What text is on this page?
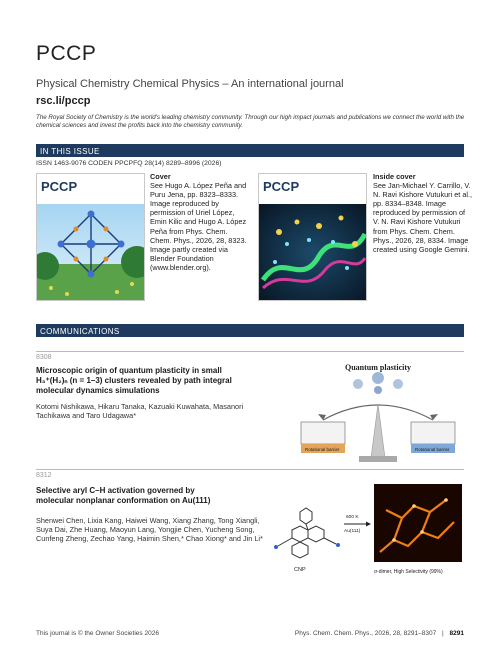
PCCP
Physical Chemistry Chemical Physics – An international journal
rsc.li/pccp
The Royal Society of Chemistry is the world's leading chemistry community. Through our high impact journals and publications we connect the world with the chemical sciences and invest the profits back into the chemistry community.
IN THIS ISSUE
ISSN 1463-9076 CODEN PPCPFQ 28(14) 8289–8996 (2026)
PCCP
Cover
See Hugo A. López Peña and Puru Jena, pp. 8323–8333. Image reproduced by permission of Uriel López, Emin Kilic and Hugo A. López Peña from Phys. Chem. Chem. Phys., 2026, 28, 8323. Image partly created via Blender Foundation (www.blender.org).
PCCP
Inside cover
See Jan-Michael Y. Carrillo, V. N. Ravi Kishore Vutukuri et al., pp. 8334–8348. Image reproduced by permission of V. N. Ravi Kishore Vutukuri from Phys. Chem. Chem. Phys., 2026, 28, 8334. Image created using Google Gemini.
COMMUNICATIONS
8308
Microscopic origin of quantum plasticity in small
H₃⁺(H₂)ₙ (n = 1–3) clusters revealed by path integral
molecular dynamics simulations
Kotomi Nishikawa, Hikaru Tanaka, Kazuaki Kuwahata, Masanori Tachikawa and Taro Udagawa*
Quantum plasticity
Rotational barrier	Rotational barrier
8312
Selective aryl C–H activation governed by
molecular nonplanar conformation on Au(111)
Shenwei Chen, Lixia Kang, Haiwei Wang, Xiang Zhang, Tong Xiangli, Suya Dai, Zhe Huang, Maoyun Lang, Yongjie Chen, Yucheng Song, Cunfeng Zheng, Zechao Yang, Haimin Shen,* Chao Xiong* and Jin Li*
CNP
600 K
Au(111)
σ-dimer, High Selectivity (99%)
This journal is © the Owner Societies 2026	Phys. Chem. Chem. Phys., 2026, 28, 8291–8307 | 8291
